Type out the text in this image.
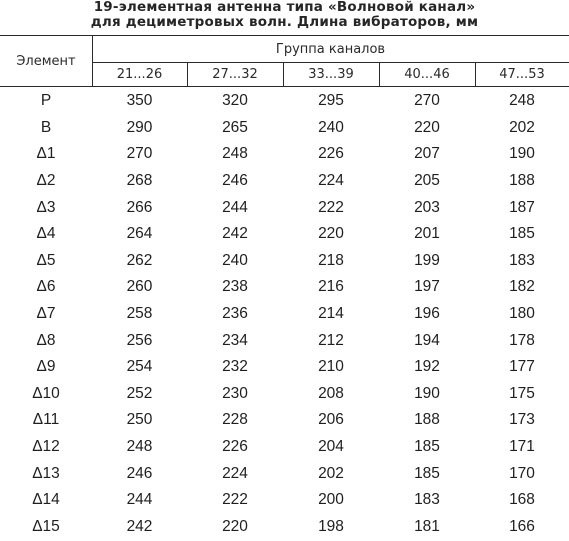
19-элементная антенна типа «Волновой канал»
для дециметровых волн. Длина вибраторов, мм
Элемент
Группа каналов
21...26	27...32	33...39	40...46	47...53
Р	350	320	295	270	248
В	290	265	240	220	202
Δ1	270	248	226	207	190
Δ2	268	246	224	205	188
Δ3	266	244	222	203	187
Δ4	264	242	220	201	185
Δ5	262	240	218	199	183
Δ6	260	238	216	197	182
Δ7	258	236	214	196	180
Δ8	256	234	212	194	178
Δ9	254	232	210	192	177
Δ10	252	230	208	190	175
Δ11	250	228	206	188	173
Δ12	248	226	204	185	171
Δ13	246	224	202	185	170
Δ14	244	222	200	183	168
Δ15	242	220	198	181	166
